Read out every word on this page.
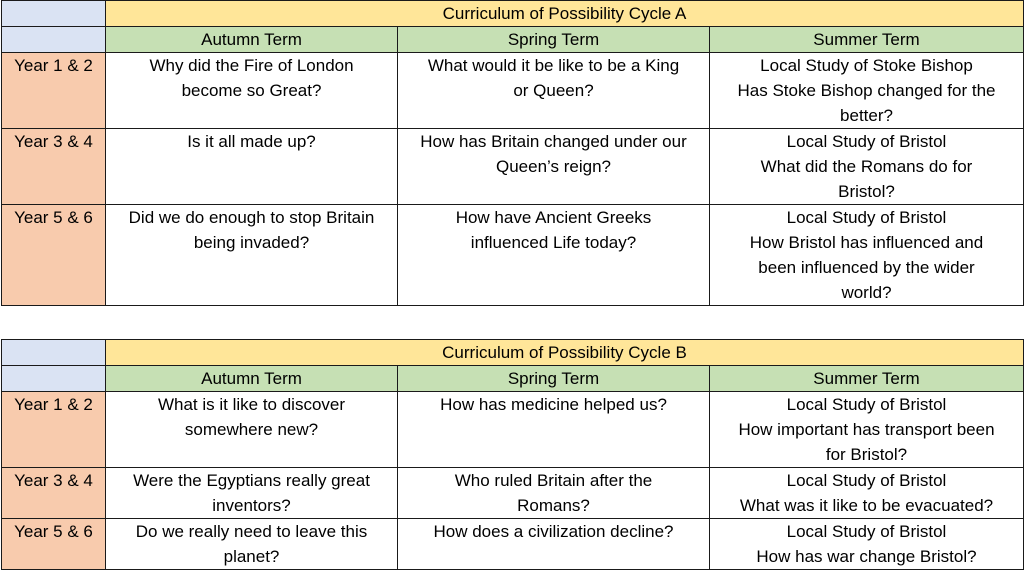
	Curriculum of Possibility Cycle A		
	Autumn Term	Spring Term	Summer Term
Year 1 & 2	Why did the Fire of London
become so Great?	What would it be like to be a King
or Queen?	Local Study of Stoke Bishop
Has Stoke Bishop changed for the
better?

Year 3 & 4	Is it all made up?	How has Britain changed under our
Queen’s reign?	Local Study of Bristol
What did the Romans do for
Bristol?

Year 5 & 6	Did we do enough to stop Britain
being invaded?	How have Ancient Greeks
influenced Life today?	Local Study of Bristol
How Bristol has influenced and
been influenced by the wider
world?
	Curriculum of Possibility Cycle B		
	Autumn Term	Spring Term	Summer Term
Year 1 & 2	What is it like to discover
somewhere new?	How has medicine helped us?	Local Study of Bristol
How important has transport been
for Bristol?

Year 3 & 4	Were the Egyptians really great
inventors?	Who ruled Britain after the
Romans?	Local Study of Bristol
What was it like to be evacuated?

Year 5 & 6	Do we really need to leave this
planet?	How does a civilization decline?	Local Study of Bristol
How has war change Bristol?
